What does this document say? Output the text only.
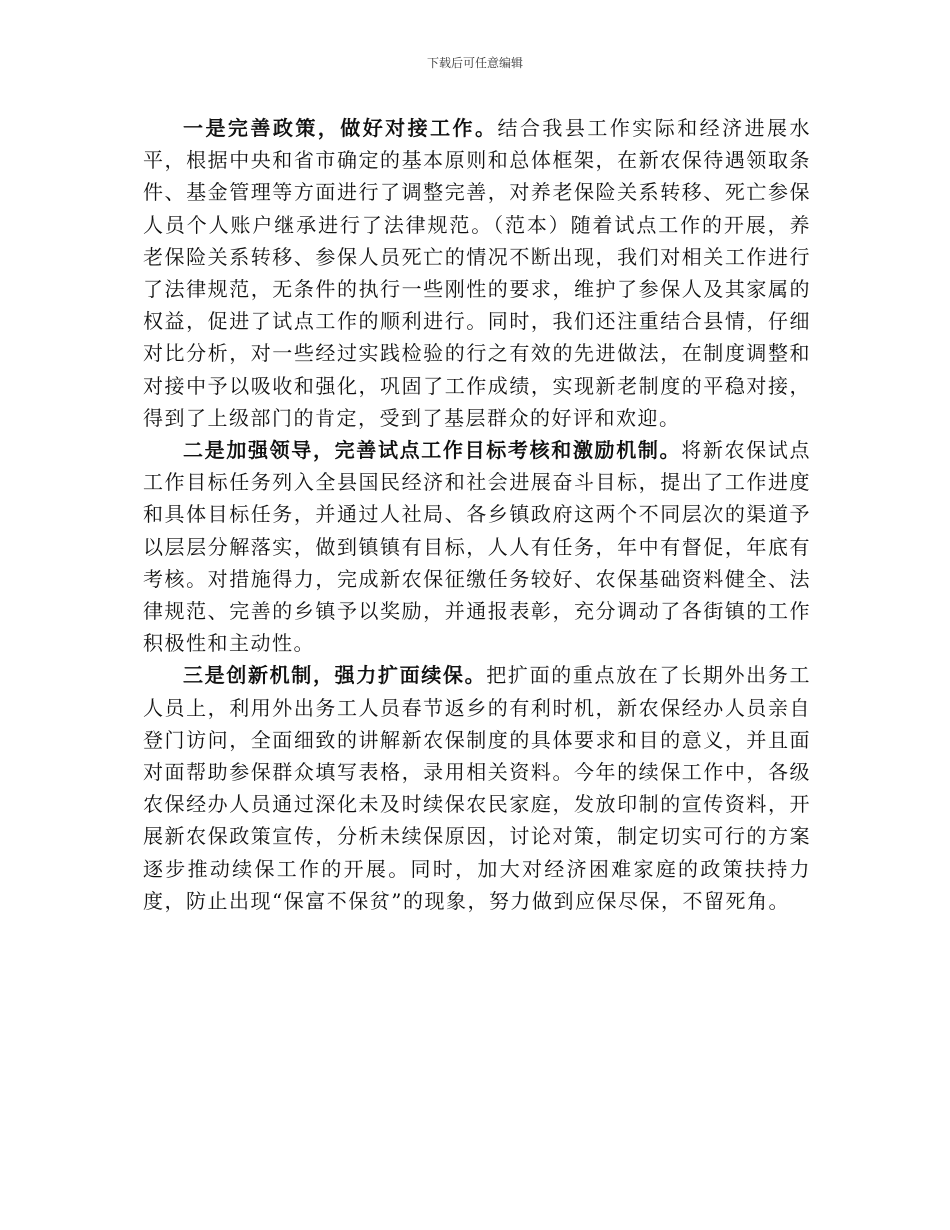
下载后可任意编辑

一是完善政策，做好对接工作。结合我县工作实际和经济进展水平，根据中央和省市确定的基本原则和总体框架，在新农保待遇领取条件、基金管理等方面进行了调整完善，对养老保险关系转移、死亡参保人员个人账户继承进行了法律规范。（范本）随着试点工作的开展，养老保险关系转移、参保人员死亡的情况不断出现，我们对相关工作进行了法律规范，无条件的执行一些刚性的要求，维护了参保人及其家属的权益，促进了试点工作的顺利进行。同时，我们还注重结合县情，仔细对比分析，对一些经过实践检验的行之有效的先进做法，在制度调整和对接中予以吸收和强化，巩固了工作成绩，实现新老制度的平稳对接，得到了上级部门的肯定，受到了基层群众的好评和欢迎。

二是加强领导，完善试点工作目标考核和激励机制。将新农保试点工作目标任务列入全县国民经济和社会进展奋斗目标，提出了工作进度和具体目标任务，并通过人社局、各乡镇政府这两个不同层次的渠道予以层层分解落实，做到镇镇有目标，人人有任务，年中有督促，年底有考核。对措施得力，完成新农保征缴任务较好、农保基础资料健全、法律规范、完善的乡镇予以奖励，并通报表彰，充分调动了各街镇的工作积极性和主动性。

三是创新机制，强力扩面续保。把扩面的重点放在了长期外出务工人员上，利用外出务工人员春节返乡的有利时机，新农保经办人员亲自登门访问，全面细致的讲解新农保制度的具体要求和目的意义，并且面对面帮助参保群众填写表格，录用相关资料。今年的续保工作中，各级农保经办人员通过深化未及时续保农民家庭，发放印制的宣传资料，开展新农保政策宣传，分析未续保原因，讨论对策，制定切实可行的方案逐步推动续保工作的开展。同时，加大对经济困难家庭的政策扶持力度，防止出现“保富不保贫”的现象，努力做到应保尽保，不留死角。
